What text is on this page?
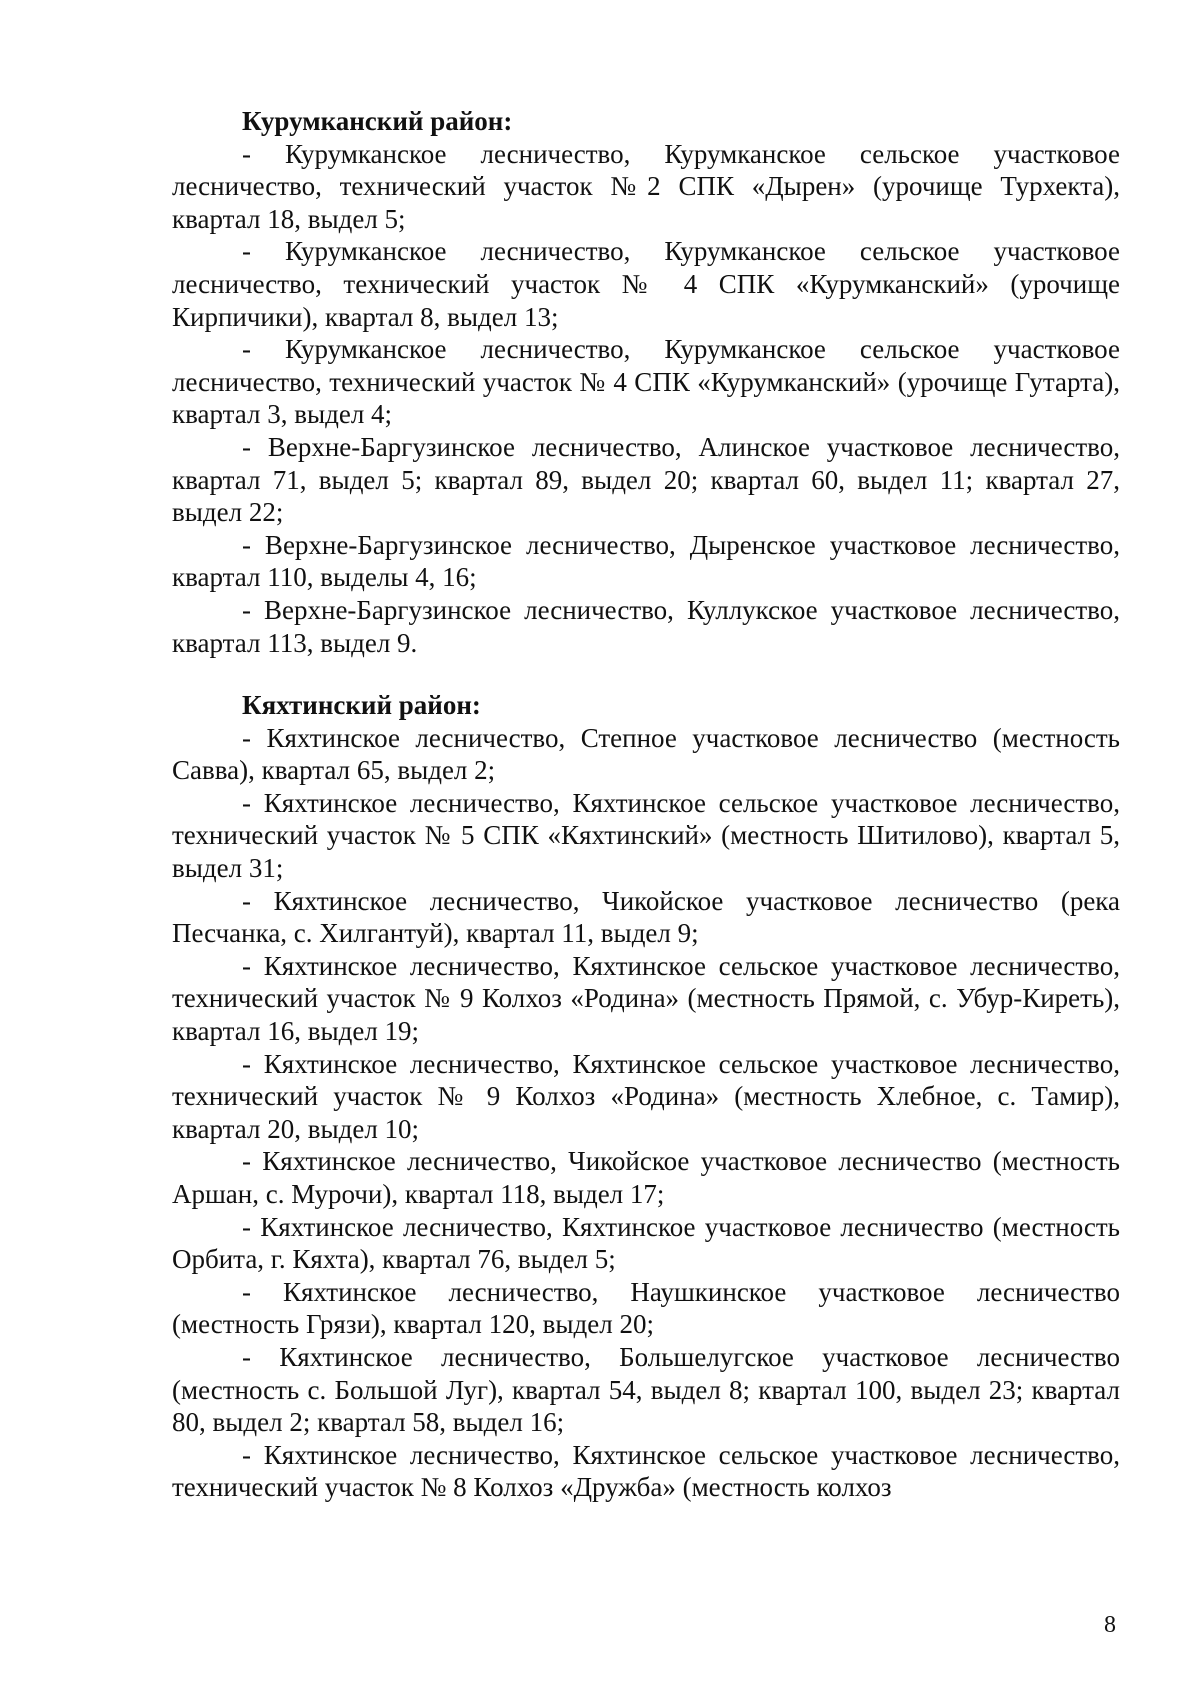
Курумканский район:

- Курумканское лесничество, Курумканское сельское участковое лесничество, технический участок №2 СПК «Дырен» (урочище Турхекта), квартал 18, выдел 5;

- Курумканское лесничество, Курумканское сельское участковое лесничество, технический участок № 4 СПК «Курумканский» (урочище Кирпичики), квартал 8, выдел 13;

- Курумканское лесничество, Курумканское сельское участковое лесничество, технический участок № 4 СПК «Курумканский» (урочище Гутарта), квартал 3, выдел 4;

- Верхне-Баргузинское лесничество, Алинское участковое лесничество, квартал 71, выдел 5; квартал 89, выдел 20; квартал 60, выдел 11; квартал 27, выдел 22;

- Верхне-Баргузинское лесничество, Дыренское участковое лесничество, квартал 110, выделы 4, 16;

- Верхне-Баргузинское лесничество, Куллукское участковое лесничество, квартал 113, выдел 9.

Кяхтинский район:

- Кяхтинское лесничество, Степное участковое лесничество (местность Савва), квартал 65, выдел 2;

- Кяхтинское лесничество, Кяхтинское сельское участковое лесничество, технический участок № 5 СПК «Кяхтинский» (местность Шитилово), квартал 5, выдел 31;

- Кяхтинское лесничество, Чикойское участковое лесничество (река Песчанка, с. Хилгантуй), квартал 11, выдел 9;

- Кяхтинское лесничество, Кяхтинское сельское участковое лесничество, технический участок № 9 Колхоз «Родина» (местность Прямой, с. Убур-Киреть), квартал 16, выдел 19;

- Кяхтинское лесничество, Кяхтинское сельское участковое лесничество, технический участок № 9 Колхоз «Родина» (местность Хлебное, с. Тамир), квартал 20, выдел 10;

- Кяхтинское лесничество, Чикойское участковое лесничество (местность Аршан, с. Мурочи), квартал 118, выдел 17;

- Кяхтинское лесничество, Кяхтинское участковое лесничество (местность Орбита, г. Кяхта), квартал 76, выдел 5;

- Кяхтинское лесничество, Наушкинское участковое лесничество (местность Грязи), квартал 120, выдел 20;

- Кяхтинское лесничество, Большелугское участковое лесничество (местность с. Большой Луг), квартал 54, выдел 8; квартал 100, выдел 23; квартал 80, выдел 2; квартал 58, выдел 16;

- Кяхтинское лесничество, Кяхтинское сельское участковое лесничество, технический участок № 8 Колхоз «Дружба» (местность колхоз

8
